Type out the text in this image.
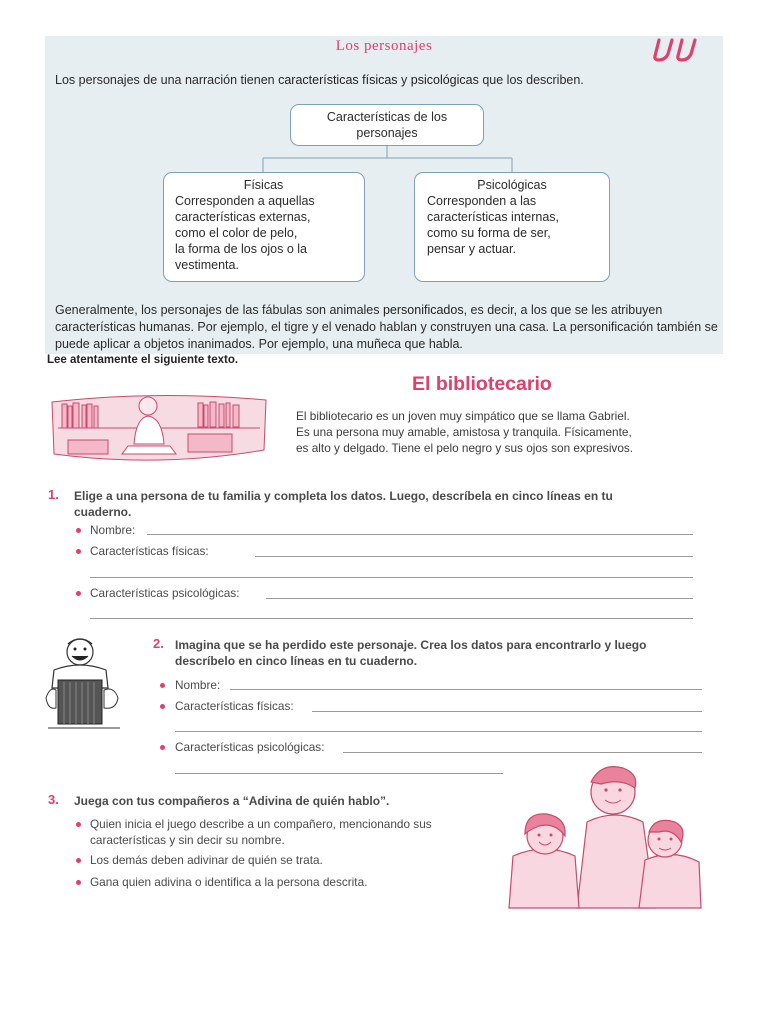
Los personajes
Los personajes de una narración tienen características físicas y psicológicas que los describen.
Características de los
personajes
Físicas
Corresponden a aquellas
características externas,
como el color de pelo,
la forma de los ojos o la
vestimenta.
Psicológicas
Corresponden a las
características internas,
como su forma de ser,
pensar y actuar.
Generalmente, los personajes de las fábulas son animales personificados, es decir, a los que se les atribuyen características humanas. Por ejemplo, el tigre y el venado hablan y construyen una casa. La personificación también se puede aplicar a objetos inanimados. Por ejemplo, una muñeca que habla.
Lee atentamente el siguiente texto.
El bibliotecario
El bibliotecario es un joven muy simpático que se llama Gabriel.
Es una persona muy amable, amistosa y tranquila. Físicamente,
es alto y delgado. Tiene el pelo negro y sus ojos son expresivos.
1. Elige a una persona de tu familia y completa los datos. Luego, descríbela en cinco líneas en tu
cuaderno.
Nombre:
Características físicas:
Características psicológicas:
2. Imagina que se ha perdido este personaje. Crea los datos para encontrarlo y luego
descríbelo en cinco líneas en tu cuaderno.
Nombre:
Características físicas:
Características psicológicas:
3. Juega con tus compañeros a “Adivina de quién hablo”.
Quien inicia el juego describe a un compañero, mencionando sus
características y sin decir su nombre.
Los demás deben adivinar de quién se trata.
Gana quien adivina o identifica a la persona descrita.
